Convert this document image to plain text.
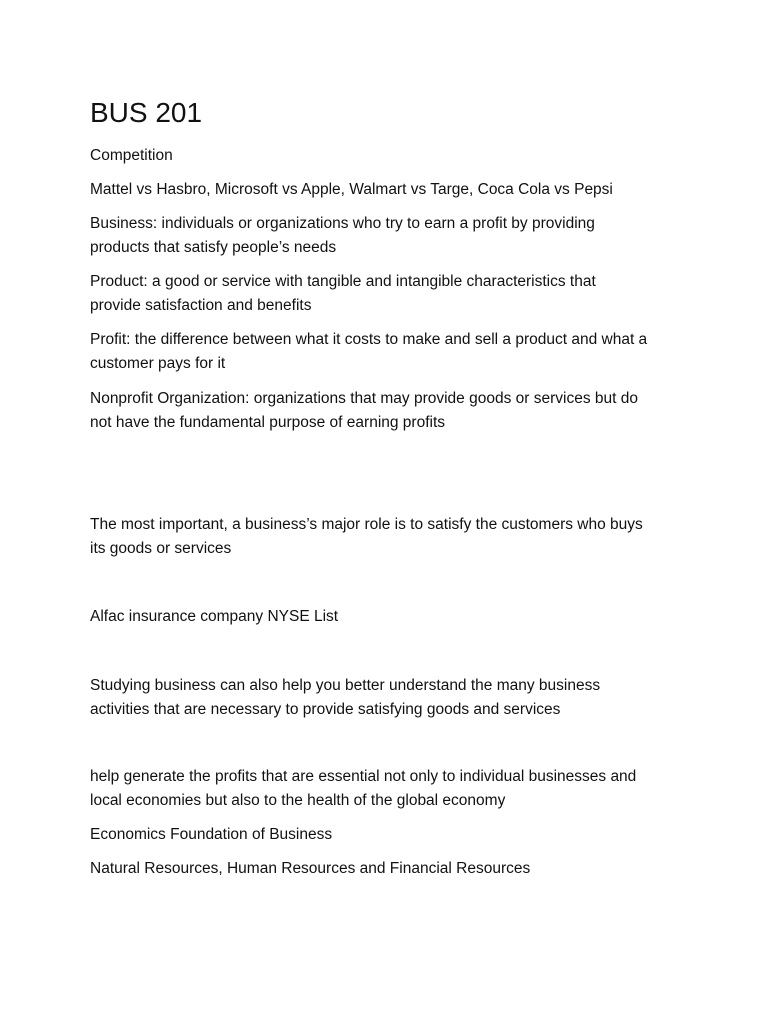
BUS 201

Competition

Mattel vs Hasbro, Microsoft vs Apple, Walmart vs Targe, Coca Cola vs Pepsi

Business: individuals or organizations who try to earn a profit by providing
products that satisfy people’s needs

Product: a good or service with tangible and intangible characteristics that
provide satisfaction and benefits

Profit: the difference between what it costs to make and sell a product and what a
customer pays for it

Nonprofit Organization: organizations that may provide goods or services but do
not have the fundamental purpose of earning profits

The most important, a business’s major role is to satisfy the customers who buys
its goods or services

Alfac insurance company NYSE List

Studying business can also help you better understand the many business
activities that are necessary to provide satisfying goods and services

help generate the profits that are essential not only to individual businesses and
local economies but also to the health of the global economy

Economics Foundation of Business

Natural Resources, Human Resources and Financial Resources
